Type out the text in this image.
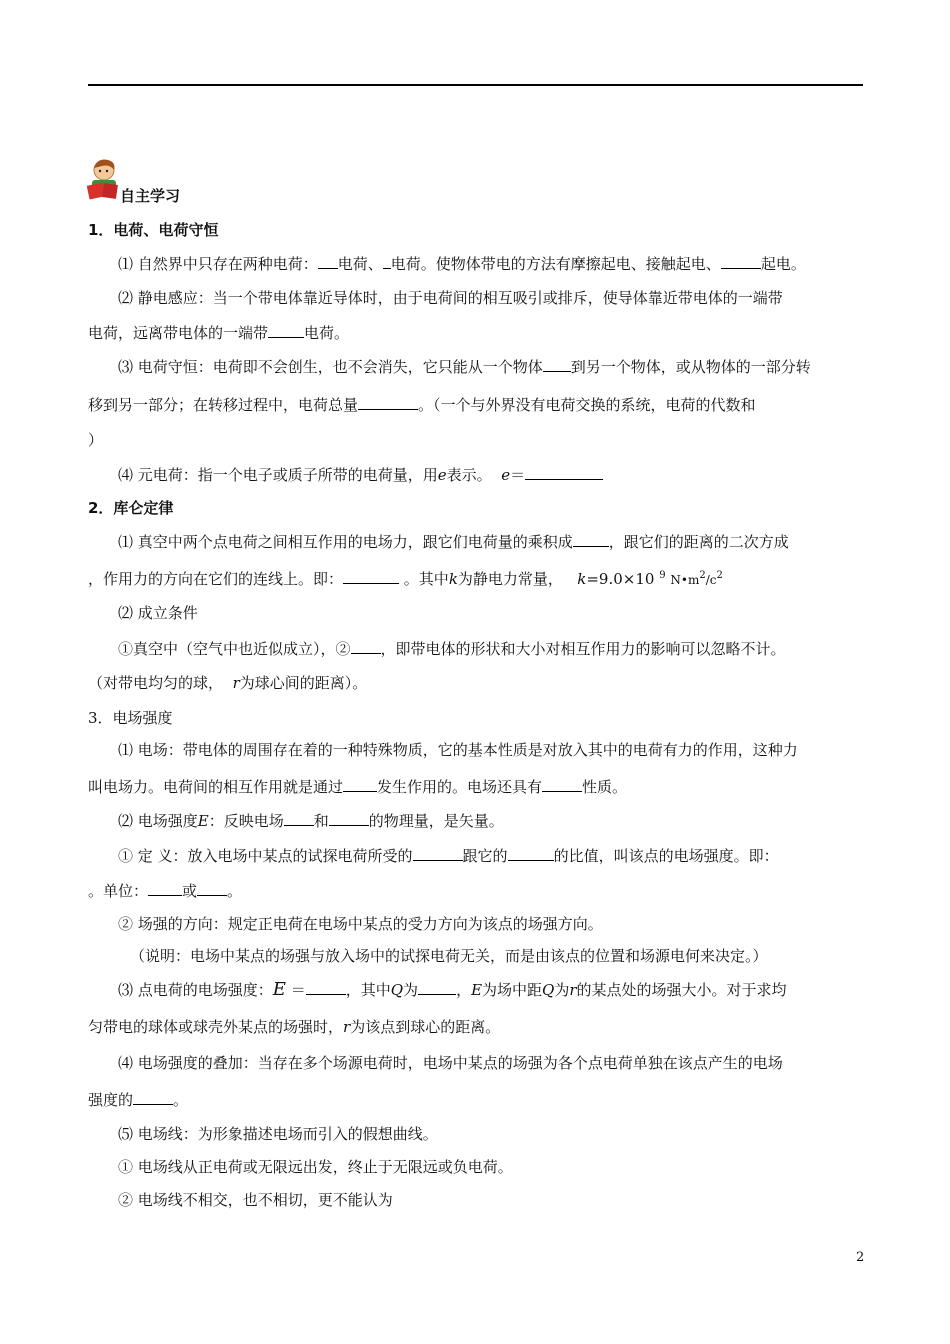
自主学习
1．电荷、电荷守恒
⑴ 自然界中只存在两种电荷： 电荷、 电荷。使物体带电的方法有摩擦起电、接触起电、	起电。
⑵ 静电感应：当一个带电体靠近导体时，由于电荷间的相互吸引或排斥，使导体靠近带电体的一端带
电荷，远离带电体的一端带 电荷。
⑶ 电荷守恒：电荷即不会创生，也不会消失，它只能从一个物体 到另一个物体，或从物体的一部分转
移到另一部分；在转移过程中，电荷总量	。（一个与外界没有电荷交换的系统，电荷的代数和
）
⑷ 元电荷：指一个电子或质子所带的电荷量，用e表示。 e＝
2．库仑定律
⑴ 真空中两个点电荷之间相互作用的电场力，跟它们电荷量的乘积成 ，跟它们的距离的二次方成
，作用力的方向在它们的连线上。即：	。其中k为静电力常量， k=9.0×10 $^9$ $N•m^2/c^2$
⑵ 成立条件
①真空中（空气中也近似成立），② ，即带电体的形状和大小对相互作用力的影响可以忽略不计。
（对带电均匀的球， r为球心间的距离）。
3．电场强度
⑴ 电场：带电体的周围存在着的一种特殊物质，它的基本性质是对放入其中的电荷有力的作用，这种力
叫电场力。电荷间的相互作用就是通过 发生作用的。电场还具有	性质。
⑵ 电场强度E：反映电场 和	的物理量，是矢量。
① 定 义：放入电场中某点的试探电荷所受的	跟它的	的比值，叫该点的电场强度。即：
。单位： 或 。
② 场强的方向：规定正电荷在电场中某点的受力方向为该点的场强方向。
（说明：电场中某点的场强与放入场中的试探电荷无关，而是由该点的位置和场源电何来决定。）
⑶ 点电荷的电场强度：E ＝	，其中Q为	，E为场中距Q为r的某点处的场强大小。对于求均
匀带电的球体或球壳外某点的场强时，r为该点到球心的距离。
⑷ 电场强度的叠加：当存在多个场源电荷时，电场中某点的场强为各个点电荷单独在该点产生的电场
强度的	。
⑸ 电场线：为形象描述电场而引入的假想曲线。
① 电场线从正电荷或无限远出发，终止于无限远或负电荷。
② 电场线不相交，也不相切，更不能认为
2
